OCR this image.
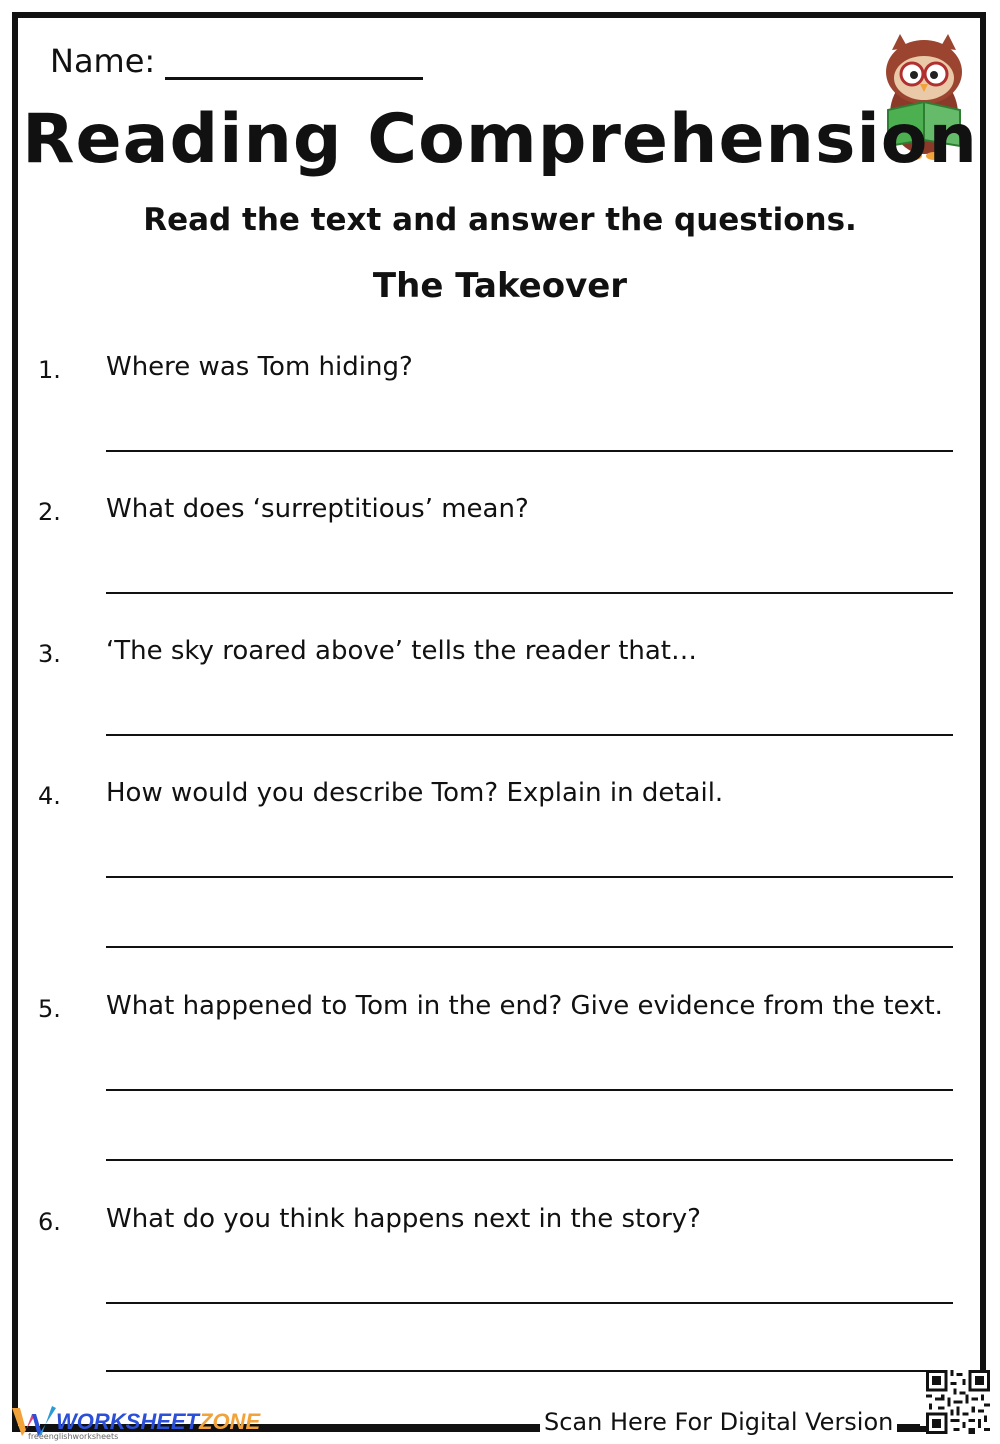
Name:
Reading Comprehension
Read the text and answer the questions.
The Takeover
1. Where was Tom hiding?
2. What does ‘surreptitious’ mean?
3. ‘The sky roared above’ tells the reader that…
4. How would you describe Tom? Explain in detail.
5. What happened to Tom in the end? Give evidence from the text.
6. What do you think happens next in the story?
WORKSHEETZONE
freeenglishworksheets
Scan Here For Digital Version
